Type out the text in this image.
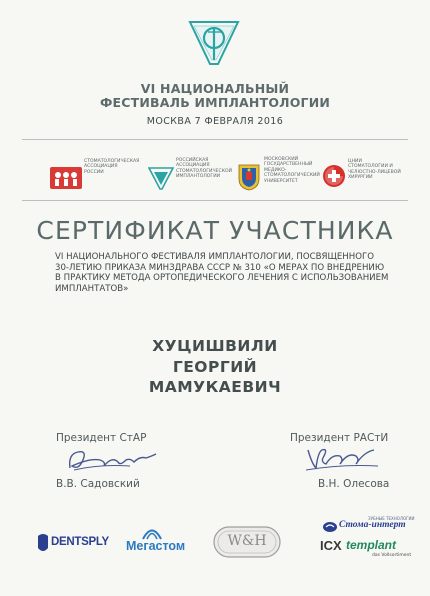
VI НАЦИОНАЛЬНЫЙ
ФЕСТИВАЛЬ ИМПЛАНТОЛОГИИ
МОСКВА 7 ФЕВРАЛЯ 2016
СТОМАТОЛОГИЧЕСКАЯ
АССОЦИАЦИЯ
РОССИИ
РОССИЙСКАЯ
АССОЦИАЦИЯ
СТОМАТОЛОГИЧЕСКОЙ
ИМПЛАНТОЛОГИИ
МОСКОВСКИЙ
ГОСУДАРСТВЕННЫЙ
МЕДИКО-
СТОМАТОЛОГИЧЕСКИЙ
УНИВЕРСИТЕТ
ЦНИИ
СТОМАТОЛОГИИ И
ЧЕЛЮСТНО-ЛИЦЕВОЙ
ХИРУРГИИ
СЕРТИФИКАТ УЧАСТНИКА
VI НАЦИОНАЛЬНОГО ФЕСТИВАЛЯ ИМПЛАНТОЛОГИИ, ПОСВЯЩЕННОГО
30-ЛЕТИЮ ПРИКАЗА МИНЗДРАВА СССР № 310 «О МЕРАХ ПО ВНЕДРЕНИЮ
В ПРАКТИКУ МЕТОДА ОРТОПЕДИЧЕСКОГО ЛЕЧЕНИЯ С ИСПОЛЬЗОВАНИЕМ
ИМПЛАНТАТОВ»
ХУЦИШВИЛИ
ГЕОРГИЙ
МАМУКАЕВИЧ
Президент СтАР
В.В. Садовский
Президент РАСтИ
В.Н. Олесова
DENTSPLY Мегастом	W&H
ЗУБНЫЕ ТЕХНОЛОГИИ
Стома-интерт
ICX templant
das Vollsortiment
